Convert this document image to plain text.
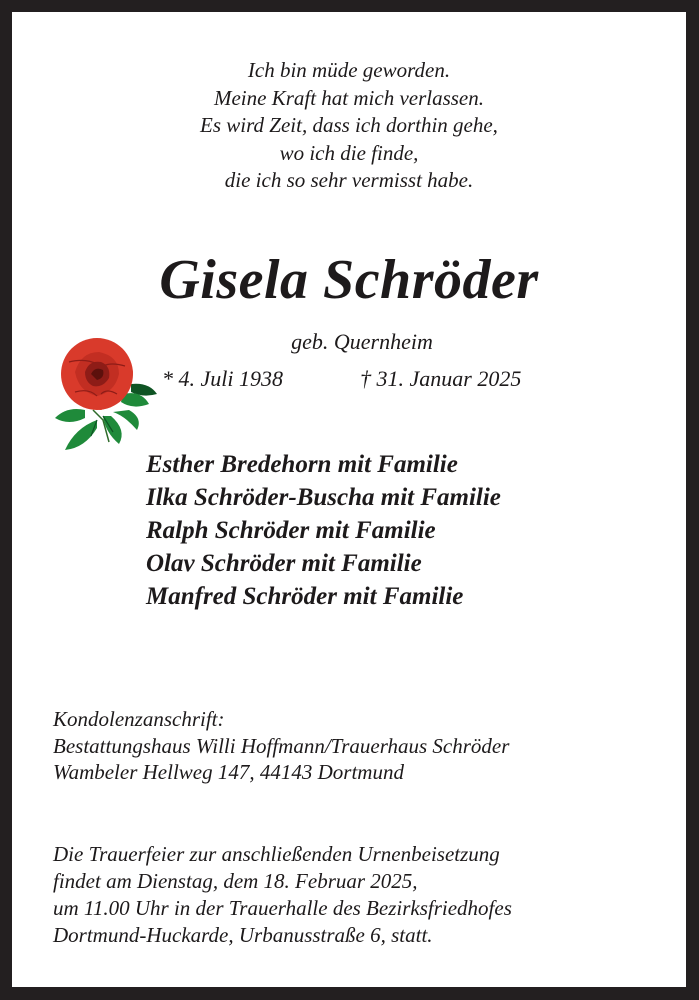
Ich bin müde geworden.
Meine Kraft hat mich verlassen.
Es wird Zeit, dass ich dorthin gehe,
wo ich die finde,
die ich so sehr vermisst habe.
Gisela Schröder
geb. Quernheim
* 4. Juli 1938	† 31. Januar 2025
Esther Bredehorn mit Familie
Ilka Schröder-Buscha mit Familie
Ralph Schröder mit Familie
Olav Schröder mit Familie
Manfred Schröder mit Familie
Kondolenzanschrift:
Bestattungshaus Willi Hoffmann/Trauerhaus Schröder
Wambeler Hellweg 147, 44143 Dortmund
Die Trauerfeier zur anschließenden Urnenbeisetzung
findet am Dienstag, dem 18. Februar 2025,
um 11.00 Uhr in der Trauerhalle des Bezirksfriedhofes
Dortmund-Huckarde, Urbanusstraße 6, statt.
